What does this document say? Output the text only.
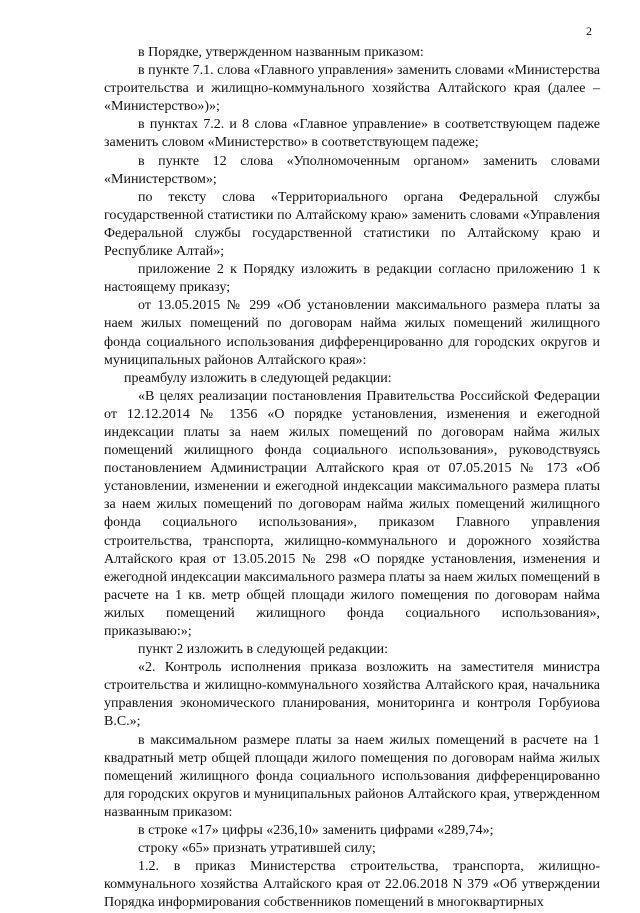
2

в Порядке, утвержденном названным приказом:

в пункте 7.1. слова «Главного управления» заменить словами «Министерства строительства и жилищно-коммунального хозяйства Алтайского края (далее – «Министерство»)»;

в пунктах 7.2. и 8 слова «Главное управление» в соответствующем падеже заменить словом «Министерство» в соответствующем падеже;

в пункте 12 слова «Уполномоченным органом» заменить словами «Министерством»;

по тексту слова «Территориального органа Федеральной службы государственной статистики по Алтайскому краю» заменить словами «Управления Федеральной службы государственной статистики по Алтайскому краю и Республике Алтай»;

приложение 2 к Порядку изложить в редакции согласно приложению 1 к настоящему приказу;

от 13.05.2015 № 299 «Об установлении максимального размера платы за наем жилых помещений по договорам найма жилых помещений жилищного фонда социального использования дифференцированно для городских округов и муниципальных районов Алтайского края»:

преамбулу изложить в следующей редакции:

«В целях реализации постановления Правительства Российской Федерации от 12.12.2014 № 1356 «О порядке установления, изменения и ежегодной индексации платы за наем жилых помещений по договорам найма жилых помещений жилищного фонда социального использования», руководствуясь постановлением Администрации Алтайского края от 07.05.2015 № 173 «Об установлении, изменении и ежегодной индексации максимального размера платы за наем жилых помещений по договорам найма жилых помещений жилищного фонда социального использования», приказом Главного управления строительства, транспорта, жилищно-коммунального и дорожного хозяйства Алтайского края от 13.05.2015 № 298 «О порядке установления, изменения и ежегодной индексации максимального размера платы за наем жилых помещений в расчете на 1 кв. метр общей площади жилого помещения по договорам найма жилых помещений жилищного фонда социального использования», приказываю:»;

пункт 2 изложить в следующей редакции:

«2. Контроль исполнения приказа возложить на заместителя министра строительства и жилищно-коммунального хозяйства Алтайского края, начальника управления экономического планирования, мониторинга и контроля Горбуиова В.С.»;

в максимальном размере платы за наем жилых помещений в расчете на 1 квадратный метр общей площади жилого помещения по договорам найма жилых помещений жилищного фонда социального использования дифференцированно для городских округов и муниципальных районов Алтайского края, утвержденном названным приказом:

в строке «17» цифры «236,10» заменить цифрами «289,74»;

строку «65» признать утратившей силу;

1.2. в приказ Министерства строительства, транспорта, жилищно-коммунального хозяйства Алтайского края от 22.06.2018 N 379 «Об утверждении Порядка информирования собственников помещений в многоквартирных
